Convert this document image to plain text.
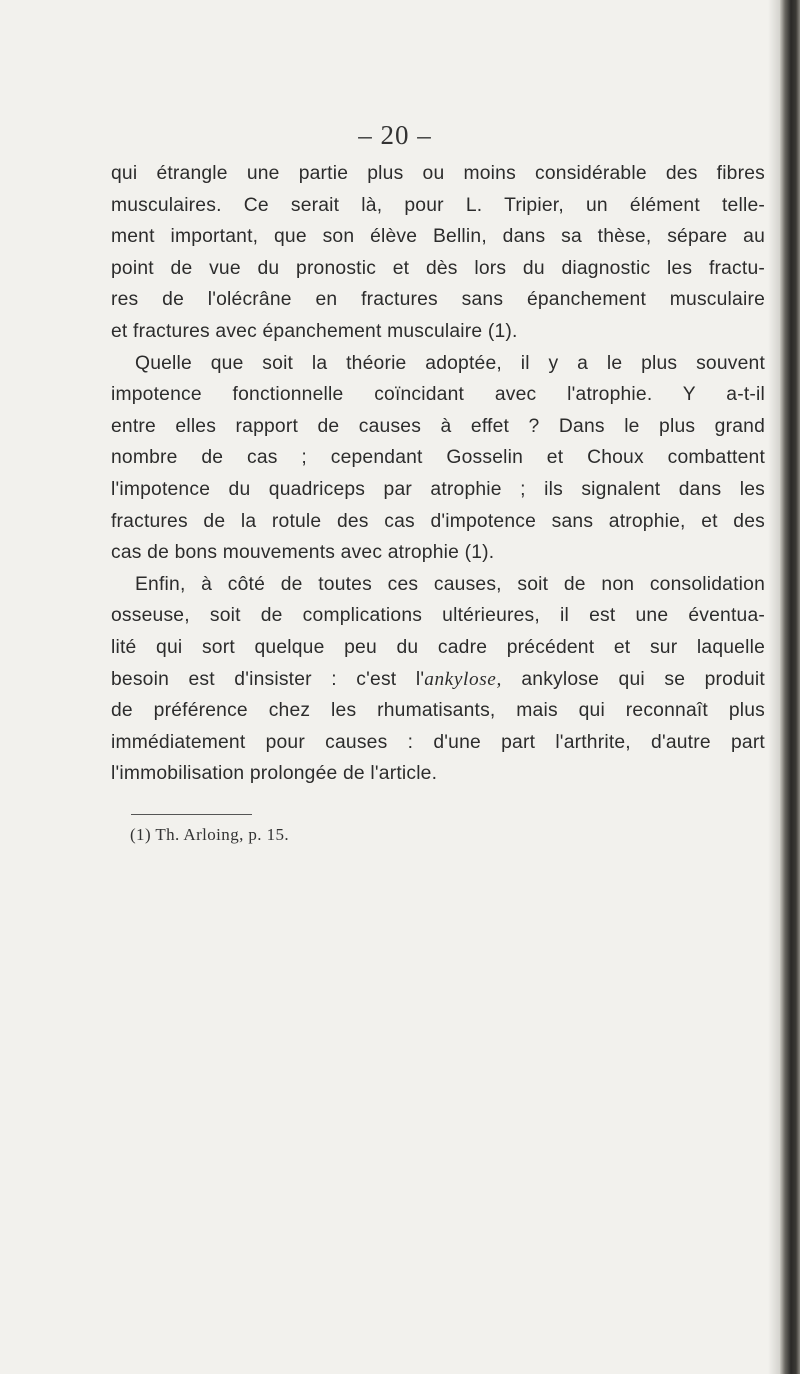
– 20 –
qui étrangle une partie plus ou moins considérable des fibres
musculaires. Ce serait là, pour L. Tripier, un élément telle-
ment important, que son élève Bellin, dans sa thèse, sépare au
point de vue du pronostic et dès lors du diagnostic les fractu-
res de l'olécrâne en fractures sans épanchement musculaire
et fractures avec épanchement musculaire (1).
Quelle que soit la théorie adoptée, il y a le plus souvent
impotence fonctionnelle coïncidant avec l'atrophie. Y a-t-il
entre elles rapport de causes à effet ? Dans le plus grand
nombre de cas ; cependant Gosselin et Choux combattent
l'impotence du quadriceps par atrophie ; ils signalent dans les
fractures de la rotule des cas d'impotence sans atrophie, et des
cas de bons mouvements avec atrophie (1).
Enfin, à côté de toutes ces causes, soit de non consolidation
osseuse, soit de complications ultérieures, il est une éventua-
lité qui sort quelque peu du cadre précédent et sur laquelle
besoin est d'insister : c'est l'ankylose, ankylose qui se produit
de préférence chez les rhumatisants, mais qui reconnaît plus
immédiatement pour causes : d'une part l'arthrite, d'autre part
l'immobilisation prolongée de l'article.
(1) Th. Arloing, p. 15.
